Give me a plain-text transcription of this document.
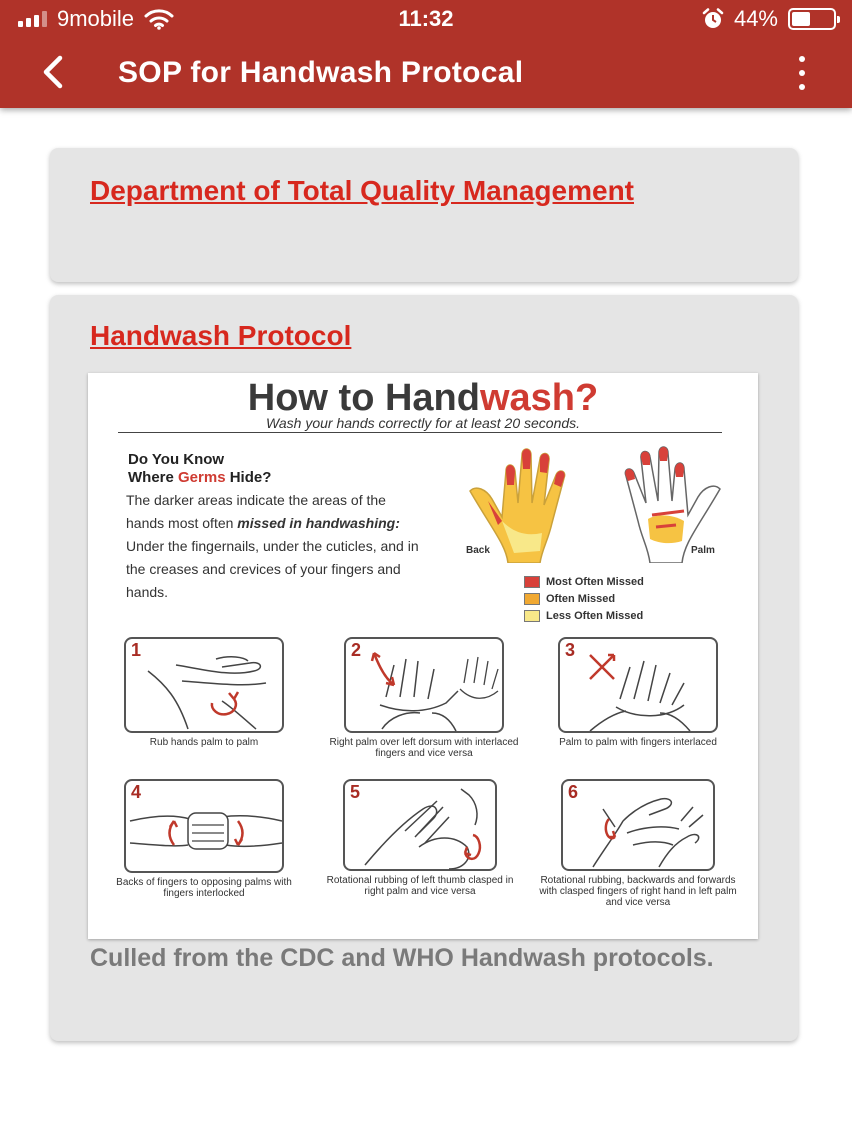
9mobile	11:32	44%
SOP for Handwash Protocal
Department of Total Quality Management
Handwash Protocol
How to Handwash?
Wash your hands correctly for at least 20 seconds.
Do You Know
Where Germs Hide?
The darker areas indicate the areas of the hands most often missed in handwashing: Under the fingernails, under the cuticles, and in the creases and crevices of your fingers and hands.
Back	Palm
Most Often Missed
Often Missed
Less Often Missed
1
Rub hands palm to palm
2
Right palm over left dorsum with interlaced fingers and vice versa
3
Palm to palm with fingers interlaced
4
Backs of fingers to opposing palms with fingers interlocked
5
Rotational rubbing of left thumb clasped in right palm and vice versa
6
Rotational rubbing, backwards and forwards with clasped fingers of right hand in left palm and vice versa
Culled from the CDC and WHO Handwash protocols.
